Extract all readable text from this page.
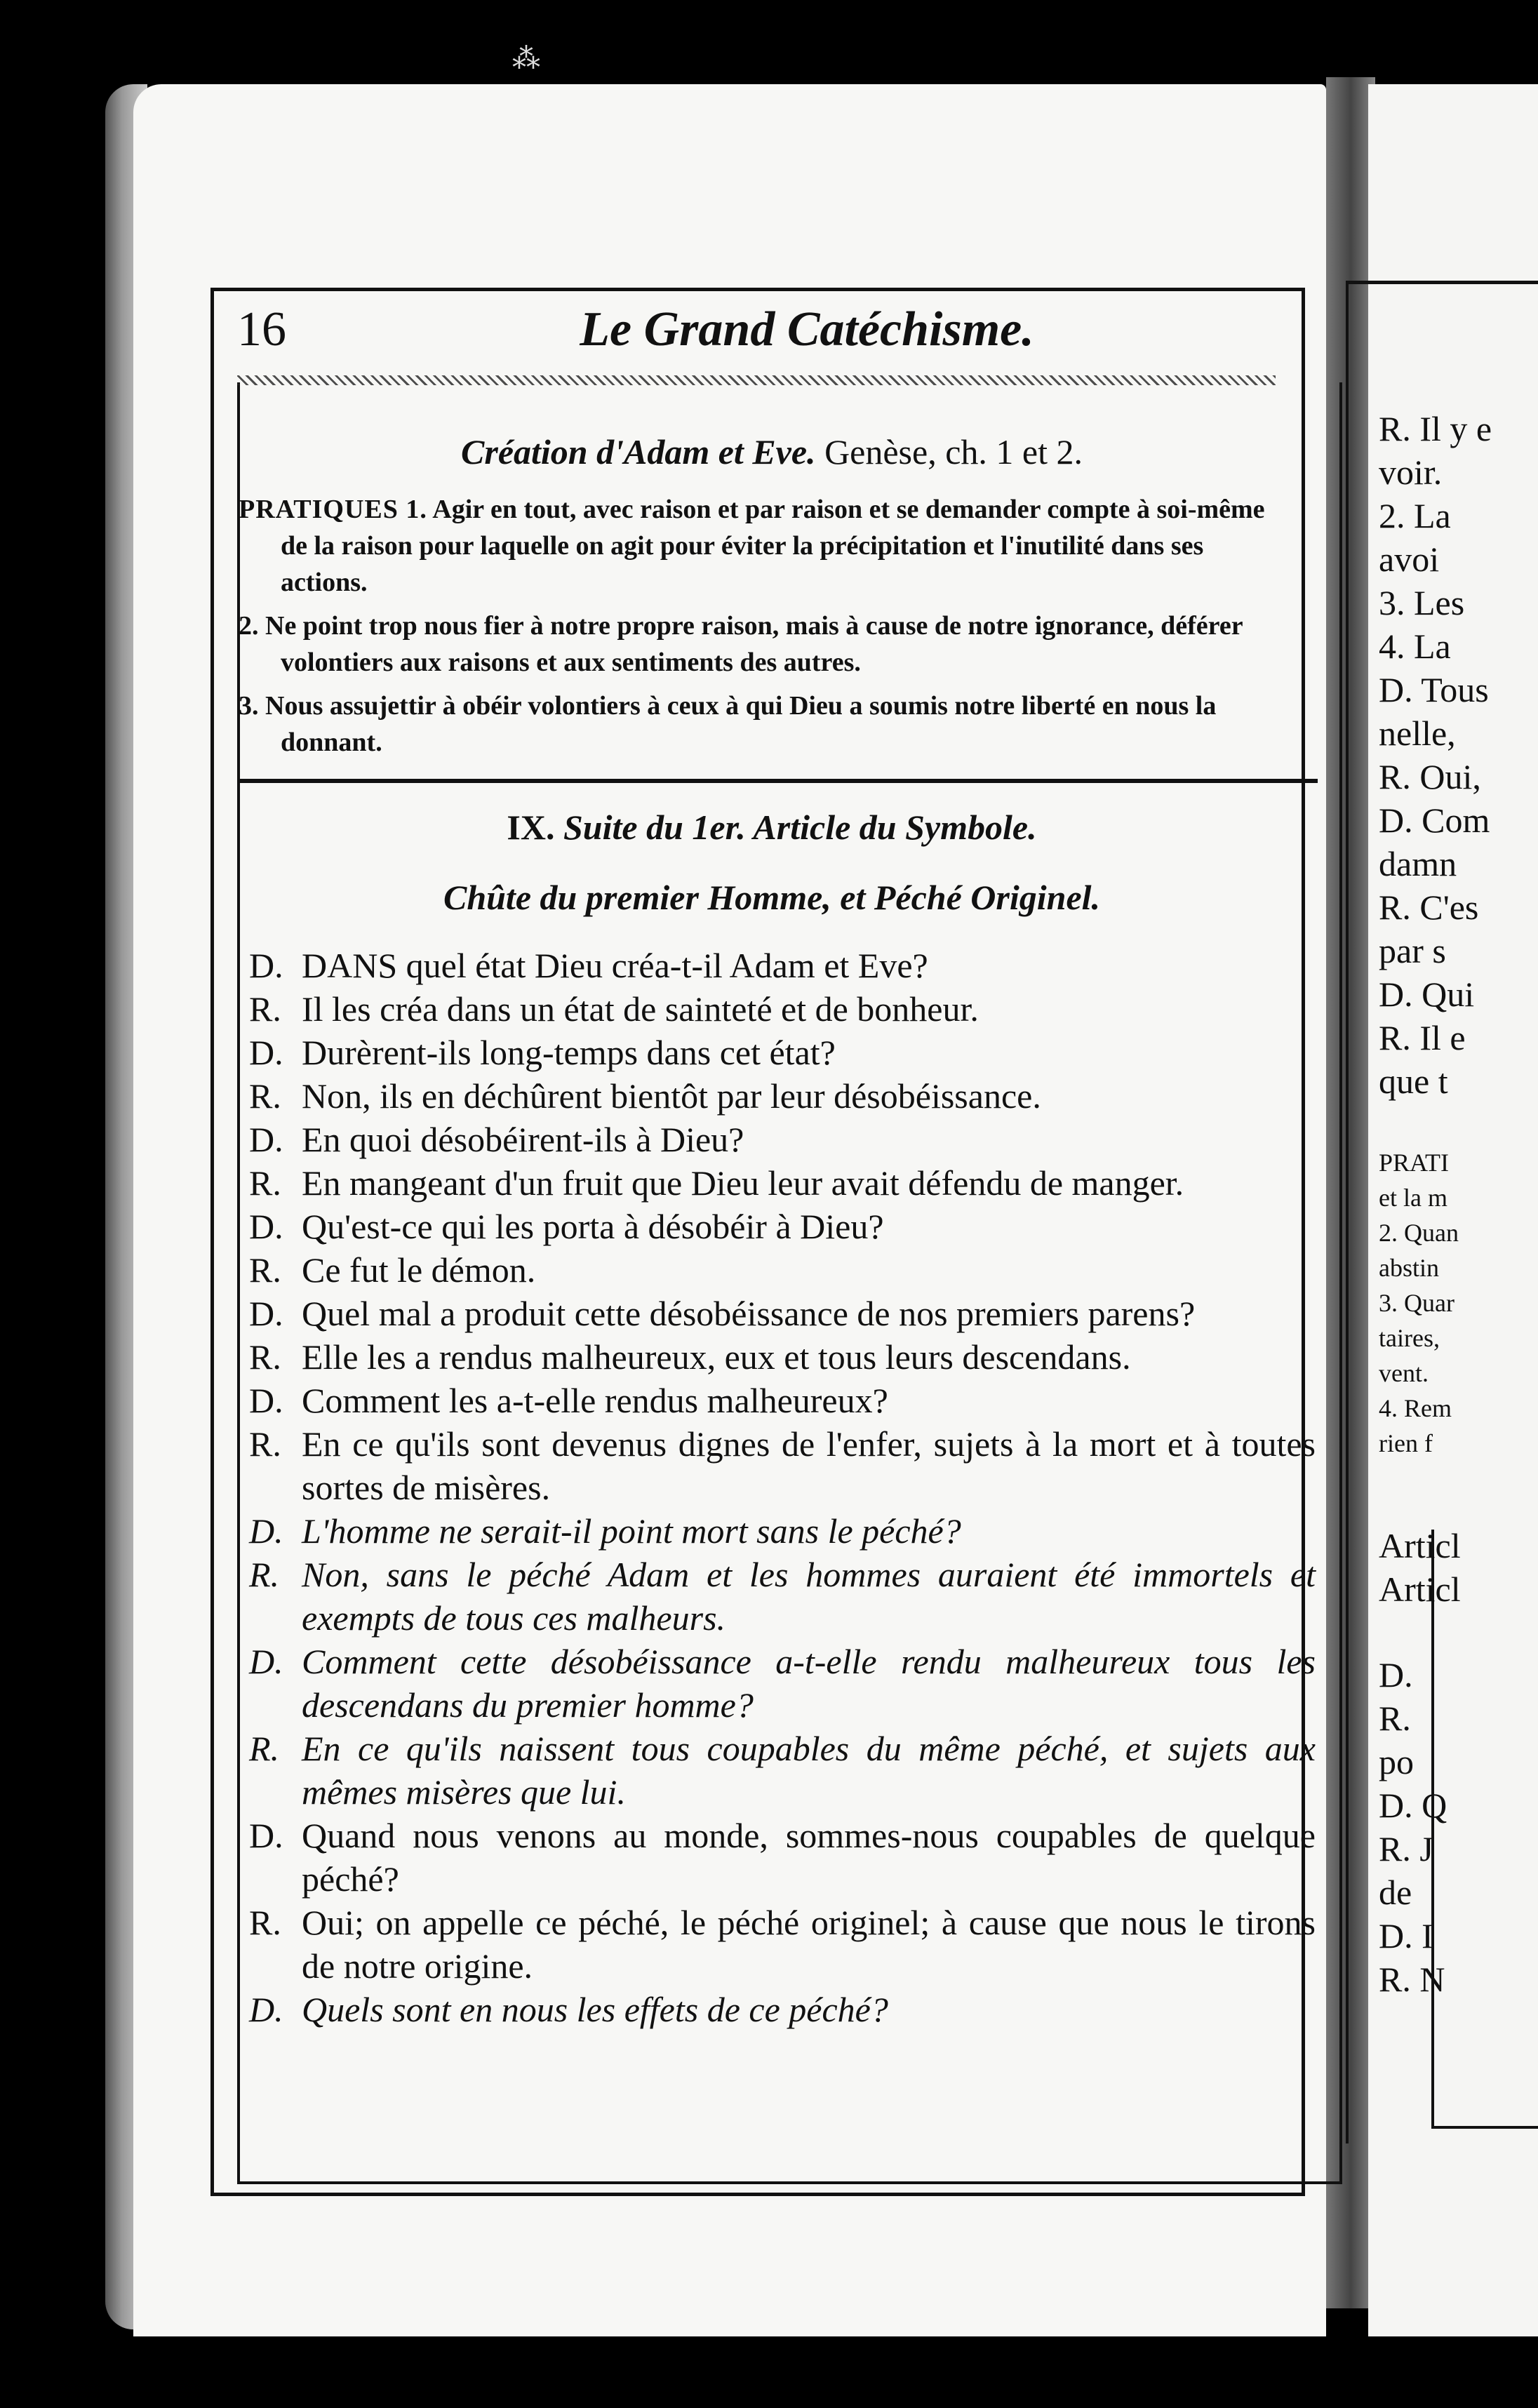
⁂
16	Le Grand Catéchisme.
Création d'Adam et Eve. Genèse, ch. 1 et 2.

PRATIQUES 1. Agir en tout, avec raison et par raison et se demander compte à soi-même de la raison pour laquelle on agit pour éviter la précipitation et l'inutilité dans ses actions.

2. Ne point trop nous fier à notre propre raison, mais à cause de notre ignorance, déférer volontiers aux raisons et aux sentiments des autres.

3. Nous assujettir à obéir volontiers à ceux à qui Dieu a soumis notre liberté en nous la donnant.

IX. Suite du 1er. Article du Symbole.
Chûte du premier Homme, et Péché Originel.
D. DANS quel état Dieu créa-t-il Adam et Eve?
R. Il les créa dans un état de sainteté et de bonheur.
D. Durèrent-ils long-temps dans cet état?
R. Non, ils en déchûrent bientôt par leur désobéissance.
D. En quoi désobéirent-ils à Dieu?
R. En mangeant d'un fruit que Dieu leur avait défendu de manger.
D. Qu'est-ce qui les porta à désobéir à Dieu?
R. Ce fut le démon.
D. Quel mal a produit cette désobéissance de nos premiers parens?
R. Elle les a rendus malheureux, eux et tous leurs descendans.
D. Comment les a-t-elle rendus malheureux?
R. En ce qu'ils sont devenus dignes de l'enfer, sujets à la mort et à toutes sortes de misères.
D. L'homme ne serait-il point mort sans le péché?
R. Non, sans le péché Adam et les hommes auraient été immortels et exempts de tous ces malheurs.
D. Comment cette désobéissance a-t-elle rendu malheureux tous les descendans du premier homme?
R. En ce qu'ils naissent tous coupables du même péché, et sujets aux mêmes misères que lui.
D. Quand nous venons au monde, sommes-nous coupables de quelque péché?
R. Oui; on appelle ce péché, le péché originel; à cause que nous le tirons de notre origine.
D. Quels sont en nous les effets de ce péché?
R. Il y e
voir.
2. La
avoi
3. Les
4. La
D. Tous
nelle,
R. Oui,
D. Com
damn
R. C'es
par s
D. Qui
R. Il e
que t
PRATI
et la m
2. Quan
abstin
3. Quar
taires,
vent.
4. Rem
rien f
Articl
Articl
D.
R.
po
D. Q
R. J
de
D. I
R. N
